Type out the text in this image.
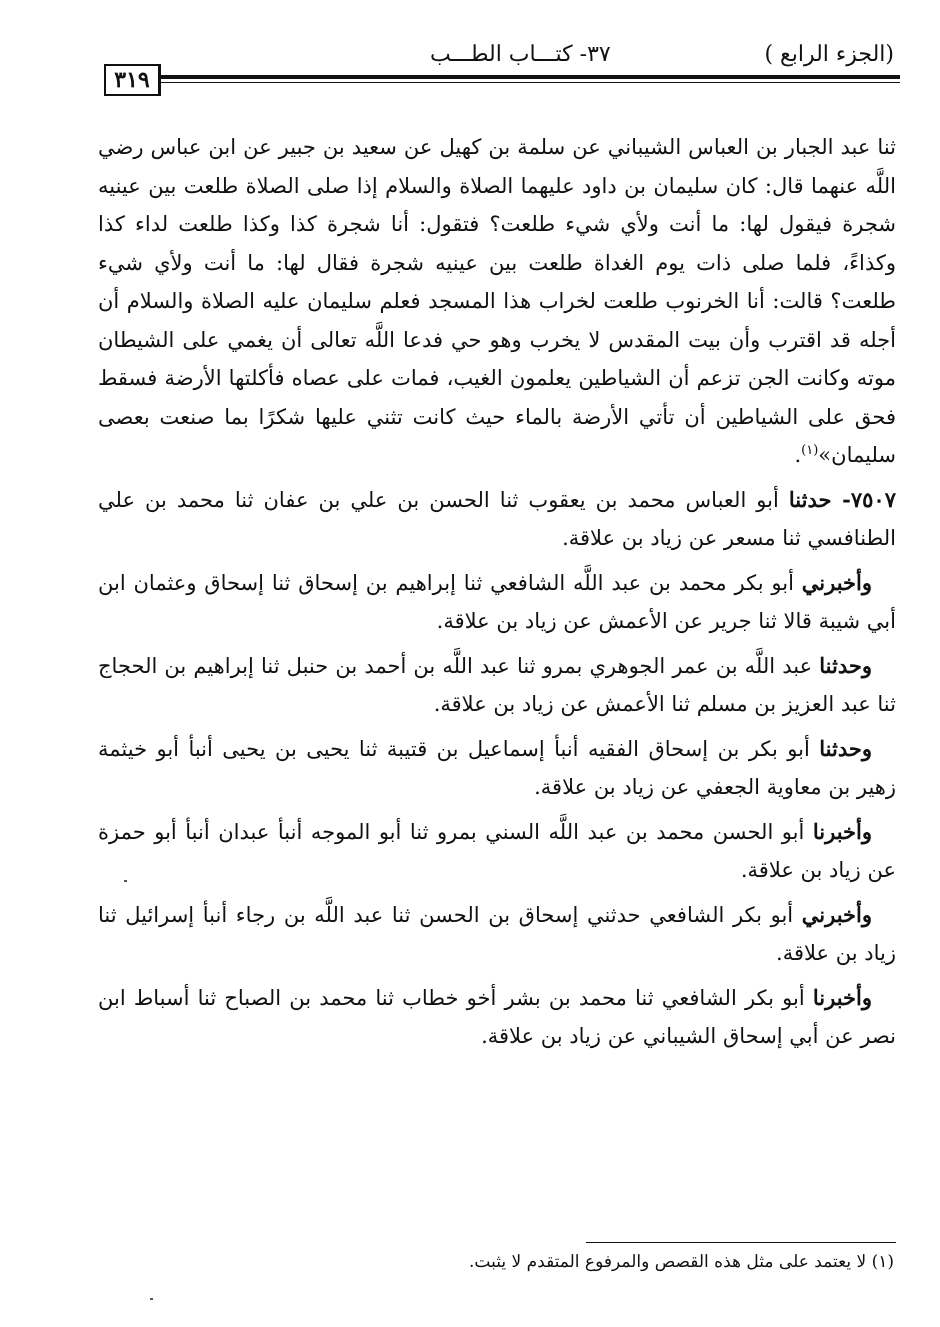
(الجزء الرابع )
٣٧- كتـــاب الطـــب
٣١٩

ثنا عبد الجبار بن العباس الشيباني عن سلمة بن كهيل عن سعيد بن جبير عن ابن عباس رضي اللَّه عنهما قال: كان سليمان بن داود عليهما الصلاة والسلام إذا صلى الصلاة طلعت بين عينيه شجرة فيقول لها: ما أنت ولأي شيء طلعت؟ فتقول: أنا شجرة كذا وكذا طلعت لداء كذا وكذاءً، فلما صلى ذات يوم الغداة طلعت بين عينيه شجرة فقال لها: ما أنت ولأي شيء طلعت؟ قالت: أنا الخرنوب طلعت لخراب هذا المسجد فعلم سليمان عليه الصلاة والسلام أن أجله قد اقترب وأن بيت المقدس لا يخرب وهو حي فدعا اللَّه تعالى أن يغمي على الشيطان موته وكانت الجن تزعم أن الشياطين يعلمون الغيب، فمات على عصاه فأكلتها الأرضة فسقط فحق على الشياطين أن تأتي الأرضة بالماء حيث كانت تثني عليها شكرًا بما صنعت بعصى سليمان»$^{(١)}$.

٧٥٠٧- حدثنا أبو العباس محمد بن يعقوب ثنا الحسن بن علي بن عفان ثنا محمد بن علي الطنافسي ثنا مسعر عن زياد بن علاقة.

وأخبرني أبو بكر محمد بن عبد اللَّه الشافعي ثنا إبراهيم بن إسحاق ثنا إسحاق وعثمان ابن أبي شيبة قالا ثنا جرير عن الأعمش عن زياد بن علاقة.

وحدثنا عبد اللَّه بن عمر الجوهري بمرو ثنا عبد اللَّه بن أحمد بن حنبل ثنا إبراهيم بن الحجاج ثنا عبد العزيز بن مسلم ثنا الأعمش عن زياد بن علاقة.

وحدثنا أبو بكر بن إسحاق الفقيه أنبأ إسماعيل بن قتيبة ثنا يحيى بن يحيى أنبأ أبو خيثمة زهير بن معاوية الجعفي عن زياد بن علاقة.

وأخبرنا أبو الحسن محمد بن عبد اللَّه السني بمرو ثنا أبو الموجه أنبأ عبدان أنبأ أبو حمزة عن زياد بن علاقة.

وأخبرني أبو بكر الشافعي حدثني إسحاق بن الحسن ثنا عبد اللَّه بن رجاء أنبأ إسرائيل ثنا زياد بن علاقة.

وأخبرنا أبو بكر الشافعي ثنا محمد بن بشر أخو خطاب ثنا محمد بن الصباح ثنا أسباط ابن نصر عن أبي إسحاق الشيباني عن زياد بن علاقة.

(١) لا يعتمد على مثل هذه القصص والمرفوع المتقدم لا يثبت.
